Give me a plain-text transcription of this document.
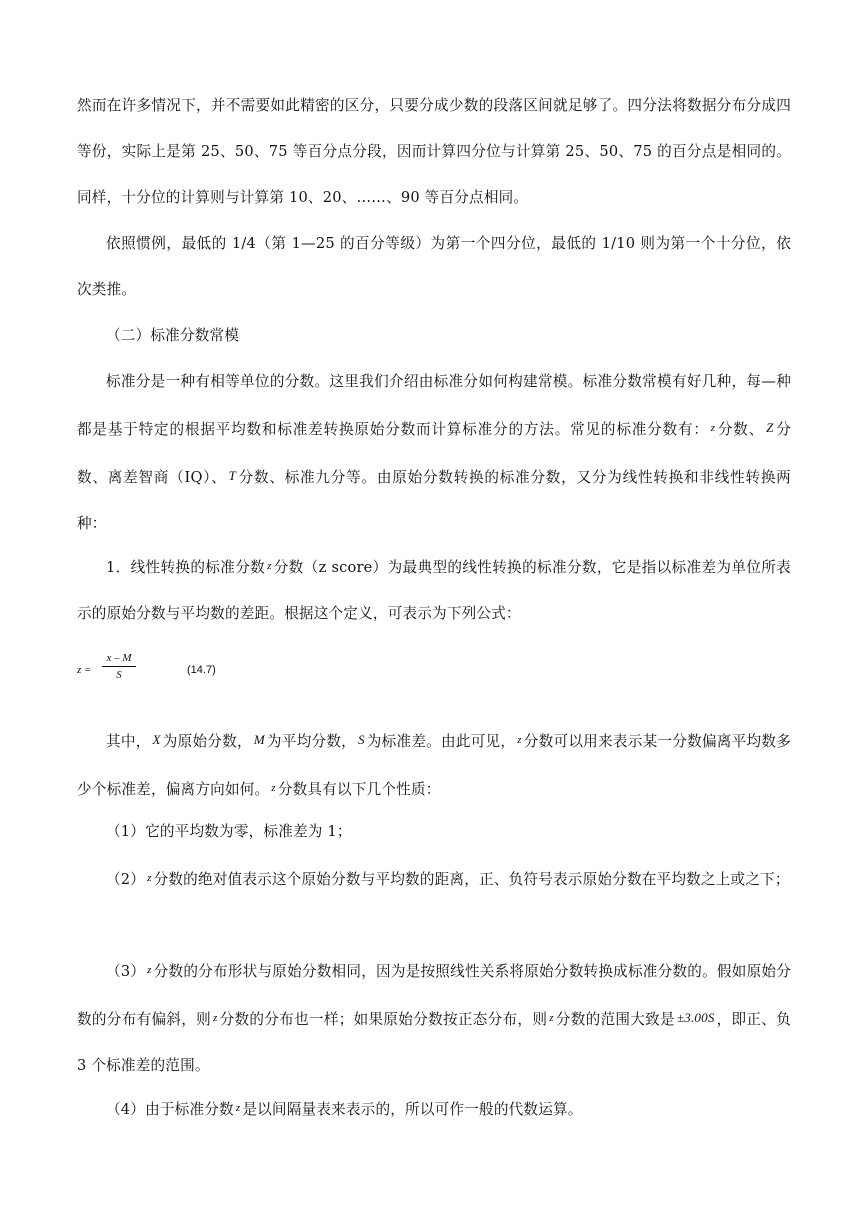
然而在许多情况下，并不需要如此精密的区分，只要分成少数的段落区间就足够了。四分法将数据分布分成四等份，实际上是第 25、50、75 等百分点分段，因而计算四分位与计算第 25、50、75 的百分点是相同的。同样，十分位的计算则与计算第 10、20、……、90 等百分点相同。

依照惯例，最低的 1/4（第 1—25 的百分等级）为第一个四分位，最低的 1/10 则为第一个十分位，依次类推。

（二）标准分数常模

标准分是一种有相等单位的分数。这里我们介绍由标准分如何构建常模。标准分数常模有好几种，每—种都是基于特定的根据平均数和标准差转换原始分数而计算标准分的方法。常见的标准分数有： $^z$ 分数、 Z 分数、离差智商（IQ）、 T 分数、标准九分等。由原始分数转换的标准分数，又分为线性转换和非线性转换两种：

1．线性转换的标准分数 $^z$ 分数（z score）为最典型的线性转换的标准分数，它是指以标准差为单位所表示的原始分数与平均数的差距。根据这个定义，可表示为下列公式：

z =
x – M
S	(14.7)

其中， X 为原始分数， M 为平均分数， S 为标准差。由此可见， $^z$ 分数可以用来表示某一分数偏离平均数多少个标准差，偏离方向如何。 $^z$ 分数具有以下几个性质：

（1）它的平均数为零，标准差为 1；

（2） $^z$ 分数的绝对值表示这个原始分数与平均数的距离，正、负符号表示原始分数在平均数之上或之下；

（3） $^z$ 分数的分布形状与原始分数相同，因为是按照线性关系将原始分数转换成标准分数的。假如原始分数的分布有偏斜，则 $^z$ 分数的分布也一样；如果原始分数按正态分布，则 $^z$ 分数的范围大致是 ±3.00S ，即正、负 3 个标准差的范围。

（4）由于标准分数 $^z$ 是以间隔量表来表示的，所以可作一般的代数运算。
